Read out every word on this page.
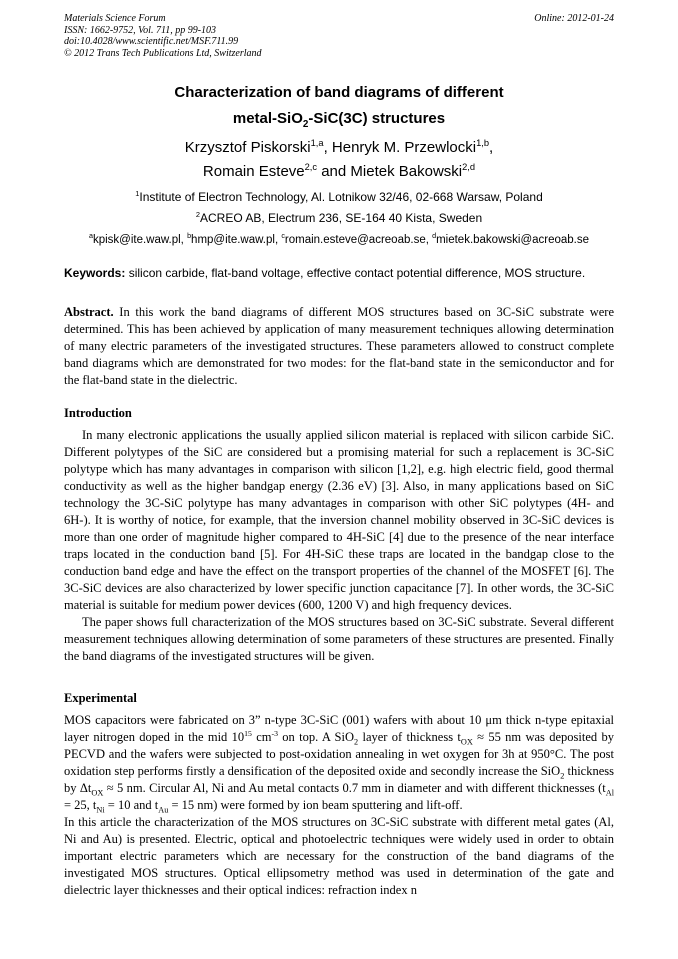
Materials Science Forum
ISSN: 1662-9752, Vol. 711, pp 99-103
doi:10.4028/www.scientific.net/MSF.711.99
© 2012 Trans Tech Publications Ltd, Switzerland
Online: 2012-01-24
Characterization of band diagrams of different
metal-SiO$_2$-SiC(3C) structures
Krzysztof Piskorski$^{1,a}$, Henryk M. Przewlocki$^{1,b}$,
Romain Esteve$^{2,c}$ and Mietek Bakowski$^{2,d}$
$^1$Institute of Electron Technology, Al. Lotnikow 32/46, 02-668 Warsaw, Poland
$^2$ACREO AB, Electrum 236, SE-164 40 Kista, Sweden
$^a$kpisk@ite.waw.pl, $^b$hmp@ite.waw.pl, $^c$romain.esteve@acreoab.se, $^d$mietek.bakowski@acreoab.se
Keywords: silicon carbide, flat-band voltage, effective contact potential difference, MOS structure.

Abstract. In this work the band diagrams of different MOS structures based on 3C-SiC substrate were determined. This has been achieved by application of many measurement techniques allowing determination of many electric parameters of the investigated structures. These parameters allowed to construct complete band diagrams which are demonstrated for two modes: for the flat-band state in the semiconductor and for the flat-band state in the dielectric.

Introduction

In many electronic applications the usually applied silicon material is replaced with silicon carbide SiC. Different polytypes of the SiC are considered but a promising material for such a replacement is 3C-SiC polytype which has many advantages in comparison with silicon [1,2], e.g. high electric field, good thermal conductivity as well as the higher bandgap energy (2.36 eV) [3]. Also, in many applications based on SiC technology the 3C-SiC polytype has many advantages in comparison with other SiC polytypes (4H- and 6H-). It is worthy of notice, for example, that the inversion channel mobility observed in 3C-SiC devices is more than one order of magnitude higher compared to 4H-SiC [4] due to the presence of the near interface traps located in the conduction band [5]. For 4H-SiC these traps are located in the bandgap close to the conduction band edge and have the effect on the transport properties of the channel of the MOSFET [6]. The 3C-SiC devices are also characterized by lower specific junction capacitance [7]. In other words, the 3C-SiC material is suitable for medium power devices (600, 1200 V) and high frequency devices.

The paper shows full characterization of the MOS structures based on 3C-SiC substrate. Several different measurement techniques allowing determination of some parameters of these structures are presented. Finally the band diagrams of the investigated structures will be given.

Experimental

MOS capacitors were fabricated on 3” n-type 3C-SiC (001) wafers with about 10 μm thick n-type epitaxial layer nitrogen doped in the mid $10^{15}$ $cm^{-3}$ on top. A SiO$_2$ layer of thickness $t_{OX} \approx 55$ nm was deposited by PECVD and the wafers were subjected to post-oxidation annealing in wet oxygen for 3h at 950°C. The post oxidation step performs firstly a densification of the deposited oxide and secondly increase the SiO$_2$ thickness by $\Delta t_{OX} \approx 5$ nm. Circular Al, Ni and Au metal contacts 0.7 mm in diameter and with different thicknesses ($t_{Al} = 25$, $t_{Ni} = 10$ and $t_{Au} = 15$ nm) were formed by ion beam sputtering and lift-off.

In this article the characterization of the MOS structures on 3C-SiC substrate with different metal gates (Al, Ni and Au) is presented. Electric, optical and photoelectric techniques were widely used in order to obtain important electric parameters which are necessary for the construction of the band diagrams of the investigated MOS structures. Optical ellipsometry method was used in determination of the gate and dielectric layer thicknesses and their optical indices: refraction index n
